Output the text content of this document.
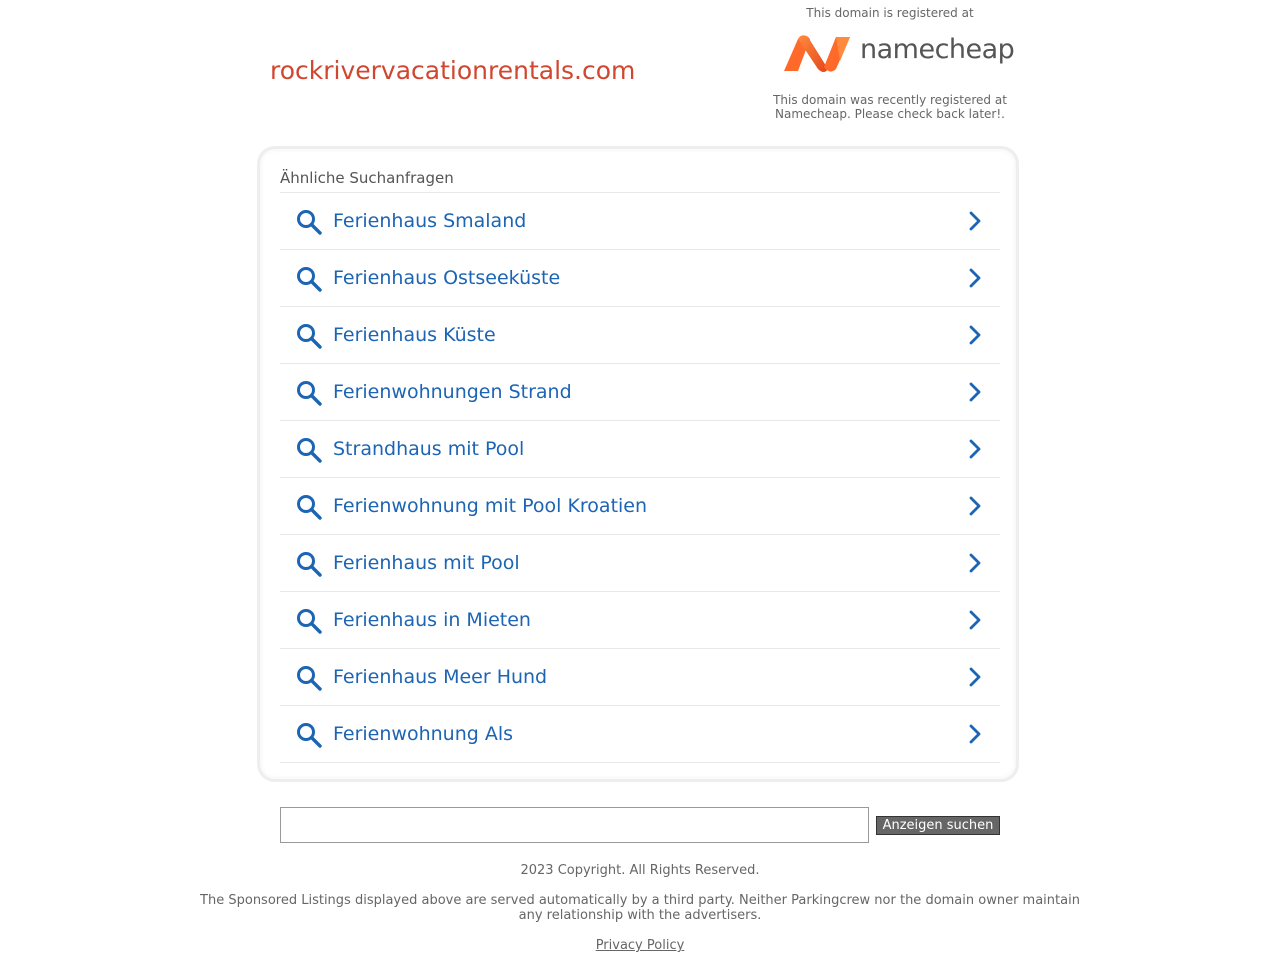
rockrivervacationrentals.com
This domain is registered at
namecheap
This domain was recently registered at Namecheap. Please check back later!.
Ähnliche Suchanfragen
Ferienhaus Smaland
Ferienhaus Ostseeküste
Ferienhaus Küste
Ferienwohnungen Strand
Strandhaus mit Pool
Ferienwohnung mit Pool Kroatien
Ferienhaus mit Pool
Ferienhaus in Mieten
Ferienhaus Meer Hund
Ferienwohnung Als
Anzeigen suchen
2023 Copyright. All Rights Reserved.
The Sponsored Listings displayed above are served automatically by a third party. Neither Parkingcrew nor the domain owner maintain any relationship with the advertisers.
Privacy Policy
